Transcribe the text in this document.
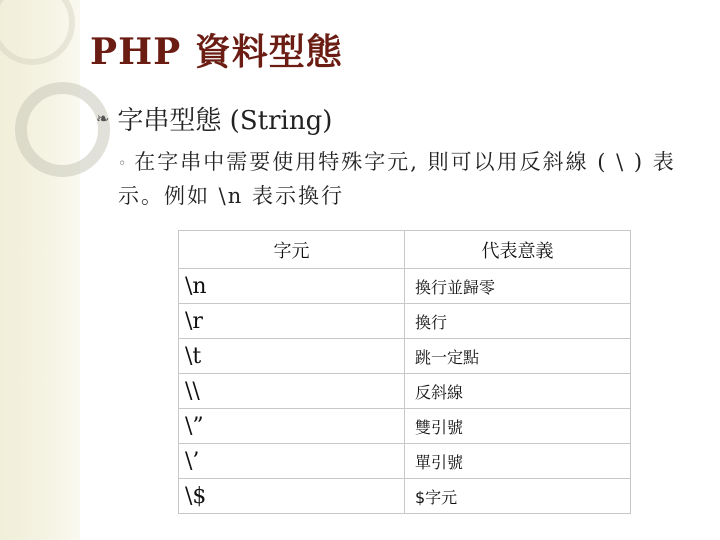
PHP 資料型態
❧ 字串型態 (String)
◦ 在字串中需要使用特殊字元, 則可以用反斜線 ( \ ) 表示。例如 \n 表示換行
字元	代表意義
\n	換行並歸零
\r	換行
\t	跳一定點
\\	反斜線
\”	雙引號
\’	單引號
\$	$字元
